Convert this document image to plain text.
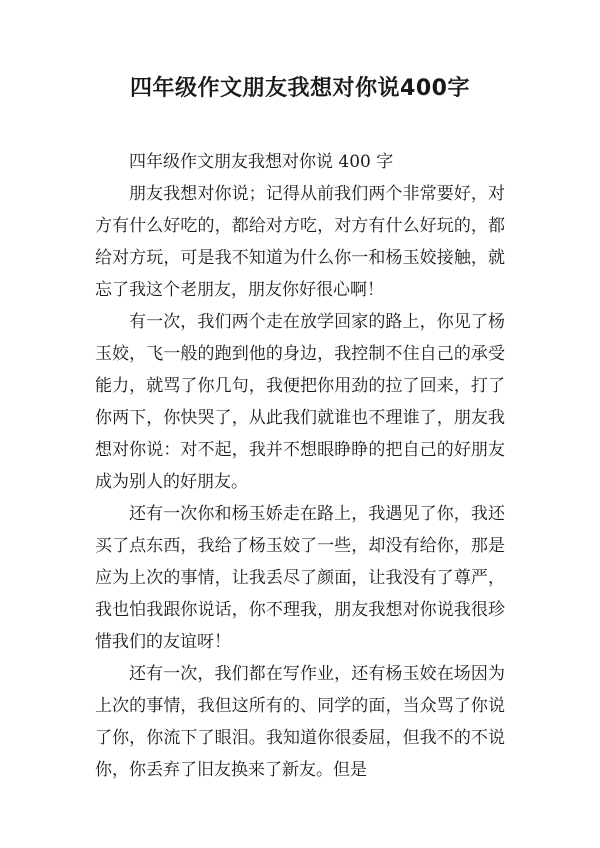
四年级作文朋友我想对你说400字

四年级作文朋友我想对你说 400 字

朋友我想对你说；记得从前我们两个非常要好，对方有什么好吃的，都给对方吃，对方有什么好玩的，都给对方玩，可是我不知道为什么你一和杨玉姣接触，就忘了我这个老朋友，朋友你好很心啊！

有一次，我们两个走在放学回家的路上，你见了杨玉姣，飞一般的跑到他的身边，我控制不住自己的承受能力，就骂了你几句，我便把你用劲的拉了回来，打了你两下，你快哭了，从此我们就谁也不理谁了，朋友我想对你说：对不起，我并不想眼睁睁的把自己的好朋友成为别人的好朋友。

还有一次你和杨玉娇走在路上，我遇见了你，我还买了点东西，我给了杨玉姣了一些，却没有给你，那是应为上次的事情，让我丢尽了颜面，让我没有了尊严，我也怕我跟你说话，你不理我，朋友我想对你说我很珍惜我们的友谊呀！

还有一次，我们都在写作业，还有杨玉姣在场因为上次的事情，我但这所有的、同学的面，当众骂了你说了你，你流下了眼泪。我知道你很委屈，但我不的不说你，你丢弃了旧友换来了新友。但是
